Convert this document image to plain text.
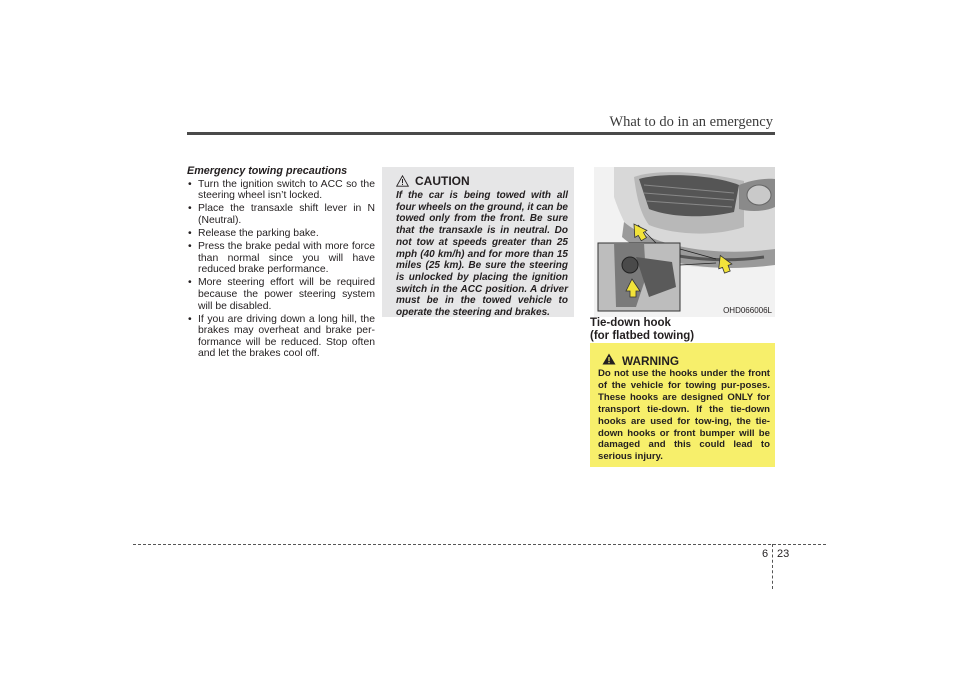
What to do in an emergency
Emergency towing precautions
• Turn the ignition switch to ACC so the steering wheel isn’t locked.
• Place the transaxle shift lever in N (Neutral).
• Release the parking bake.
• Press the brake pedal with more force than normal since you will have reduced brake performance.
• More steering effort will be required because the power steering system will be disabled.
• If you are driving down a long hill, the brakes may overheat and brake per-formance will be reduced. Stop often and let the brakes cool off.
CAUTION
If the car is being towed with all four wheels on the ground, it can be towed only from the front. Be sure that the transaxle is in neutral. Do not tow at speeds greater than 25 mph (40 km/h) and for more than 15 miles (25 km). Be sure the steering is unlocked by placing the ignition switch in the ACC position. A driver must be in the towed vehicle to operate the steering and brakes.	OHD066006L
Tie-down hook
(for flatbed towing)
WARNING
Do not use the hooks under the front of the vehicle for towing pur-poses. These hooks are designed ONLY for transport tie-down. If the tie-down hooks are used for tow-ing, the tie-down hooks or front bumper will be damaged and this could lead to serious injury.
6 23
